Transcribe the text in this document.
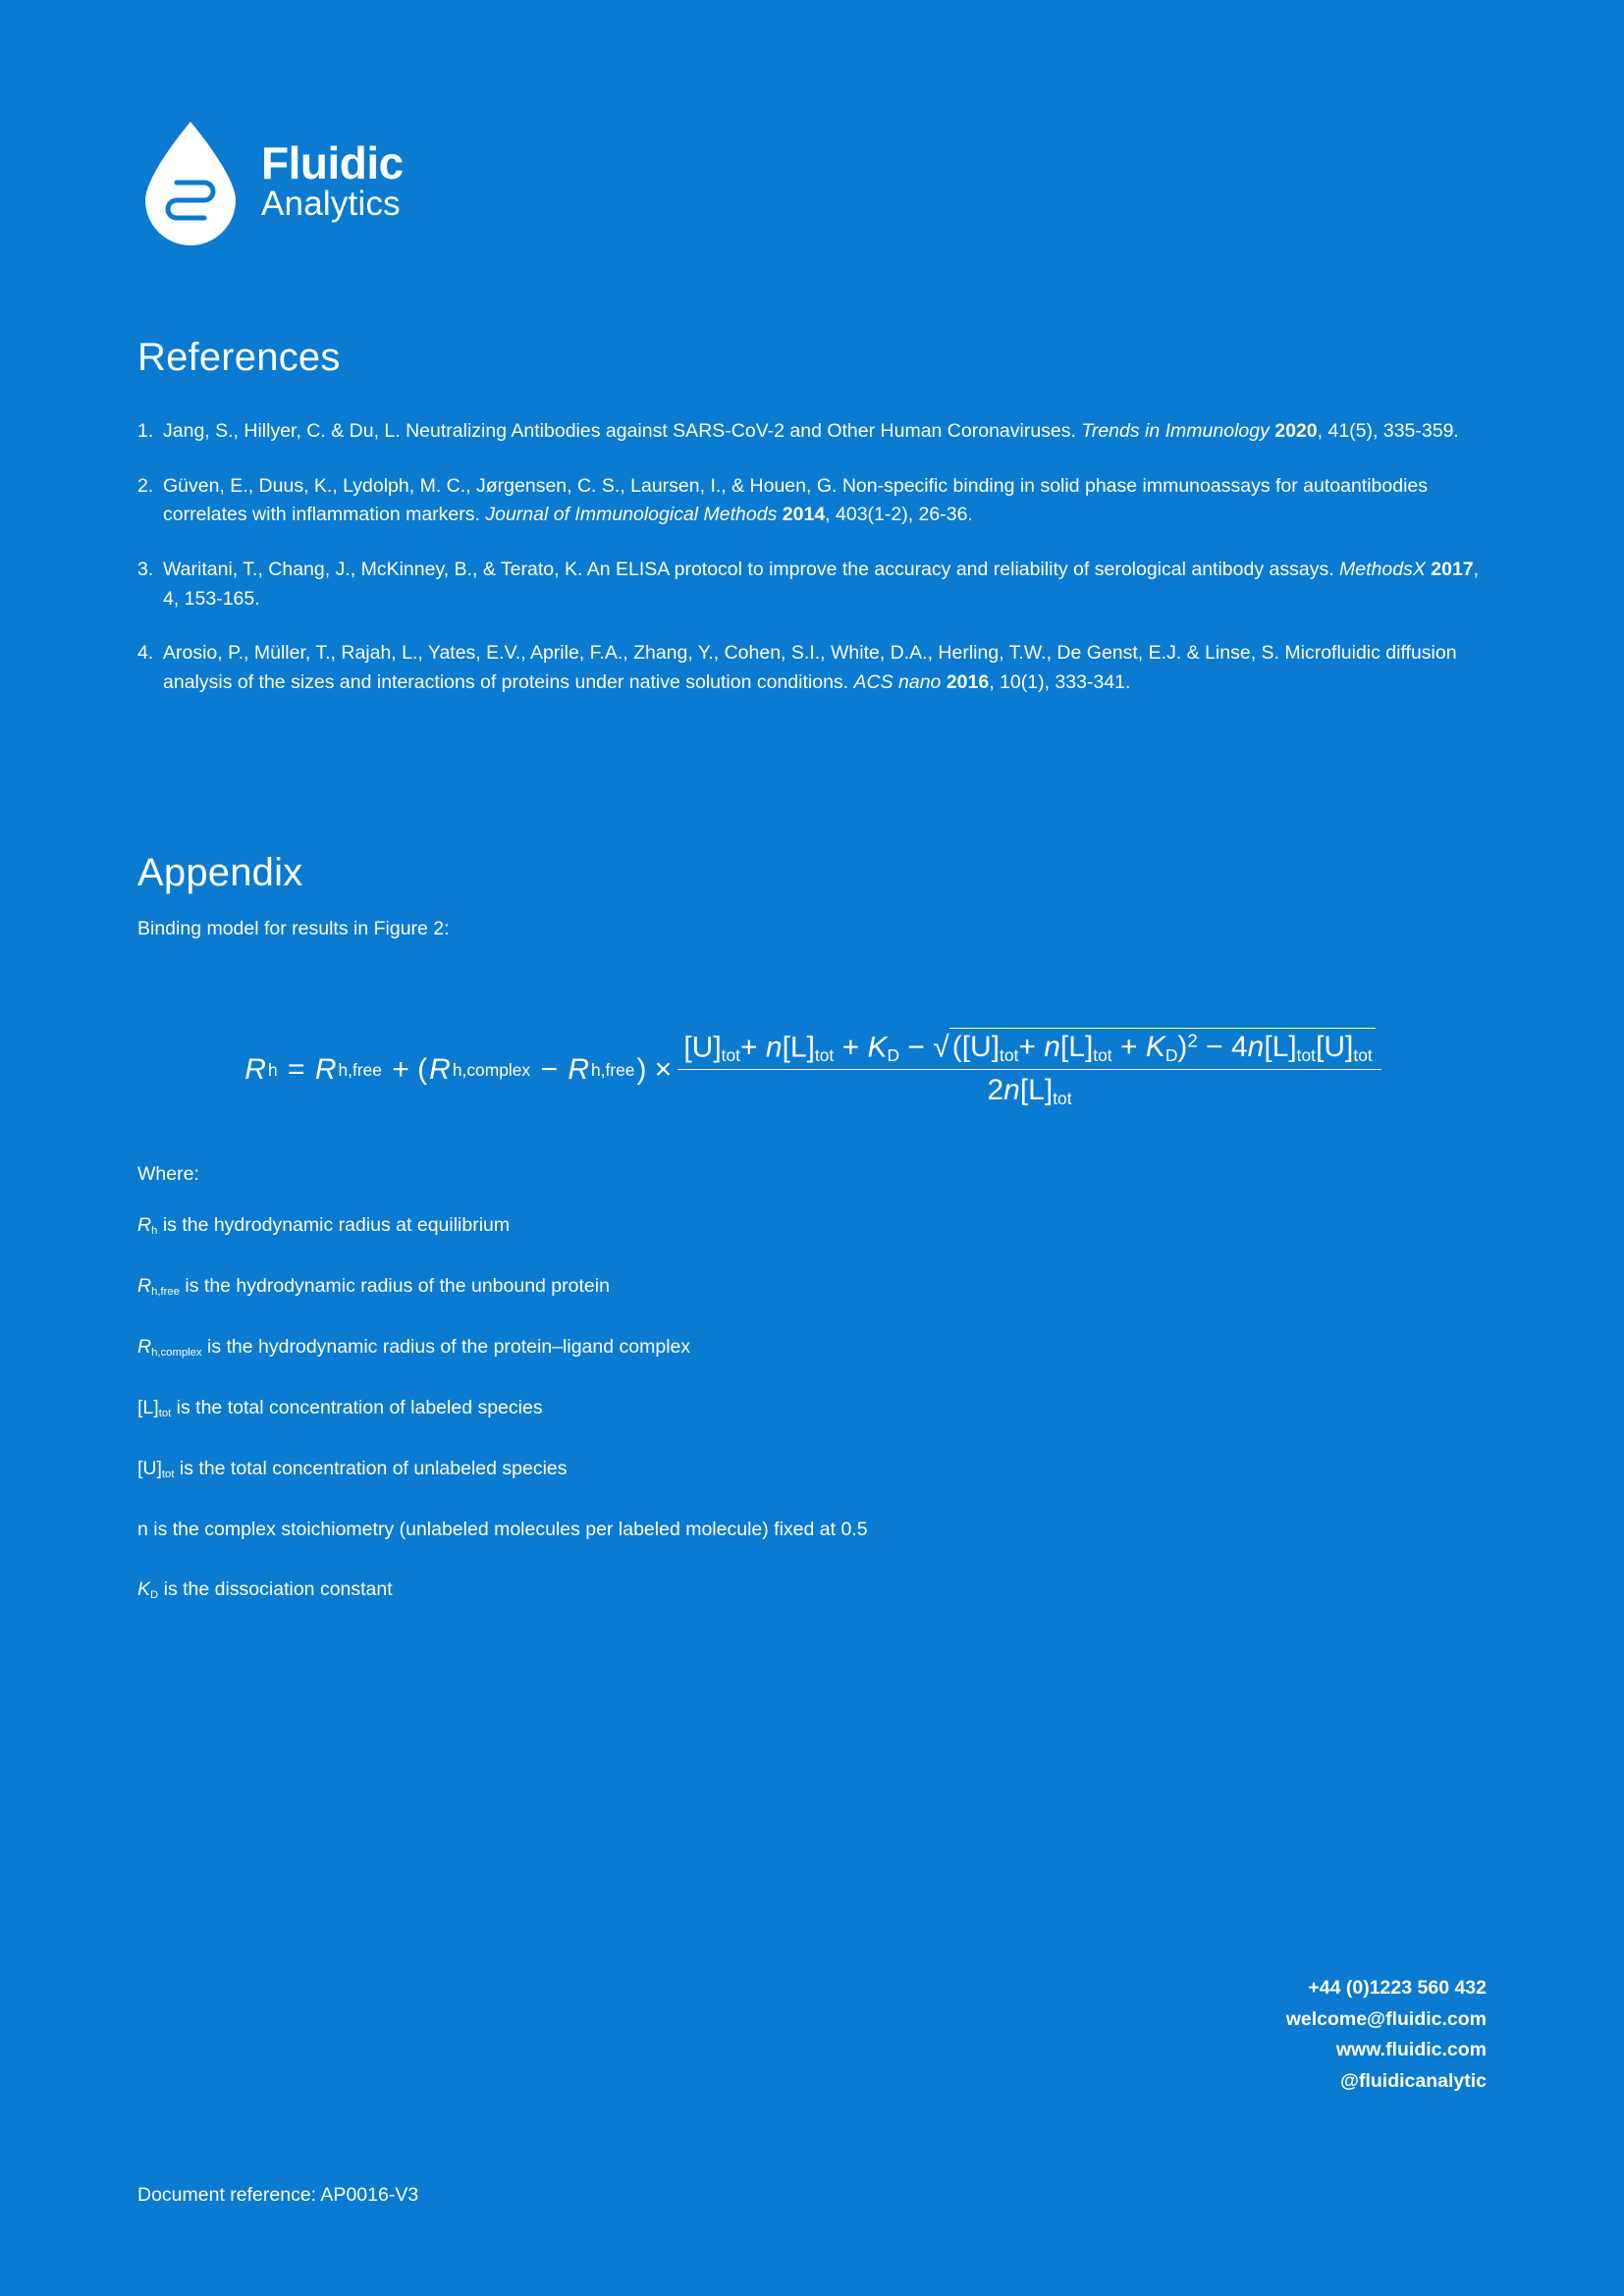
Fluidic
Analytics
References
1. Jang, S., Hillyer, C. & Du, L. Neutralizing Antibodies against SARS-CoV-2 and Other Human Coronaviruses. Trends in Immunology 2020, 41(5), 335-359.
2. Güven, E., Duus, K., Lydolph, M. C., Jørgensen, C. S., Laursen, I., & Houen, G. Non-specific binding in solid phase immunoassays for autoantibodies correlates with inflammation markers. Journal of Immunological Methods 2014, 403(1-2), 26-36.
3. Waritani, T., Chang, J., McKinney, B., & Terato, K. An ELISA protocol to improve the accuracy and reliability of serological antibody assays. MethodsX 2017, 4, 153-165.
4. Arosio, P., Müller, T., Rajah, L., Yates, E.V., Aprile, F.A., Zhang, Y., Cohen, S.I., White, D.A., Herling, T.W., De Genst, E.J. & Linse, S. Microfluidic diffusion analysis of the sizes and interactions of proteins under native solution conditions. ACS nano 2016, 10(1), 333-341.
Appendix
Binding model for results in Figure 2:
R h = R h,free + ( R h,complex − R h,free ) ×
$[U]_{tot}+ n[L]_{tot} + K_D$ − √ $([U]_{tot}+ n[L]_{tot} + K_D)^2 - 4n[L]_{tot}[U]_{tot}$
$2n[L]_{tot}$
Where:
$R_h$ is the hydrodynamic radius at equilibrium
$R_{h,free}$ is the hydrodynamic radius of the unbound protein
$R_{h,complex}$ is the hydrodynamic radius of the protein–ligand complex
$[L]_{tot}$ is the total concentration of labeled species
$[U]_{tot}$ is the total concentration of unlabeled species
n is the complex stoichiometry (unlabeled molecules per labeled molecule) fixed at 0.5
$K_D$ is the dissociation constant
+44 (0)1223 560 432
welcome@fluidic.com
www.fluidic.com
@fluidicanalytic
Document reference: AP0016-V3
